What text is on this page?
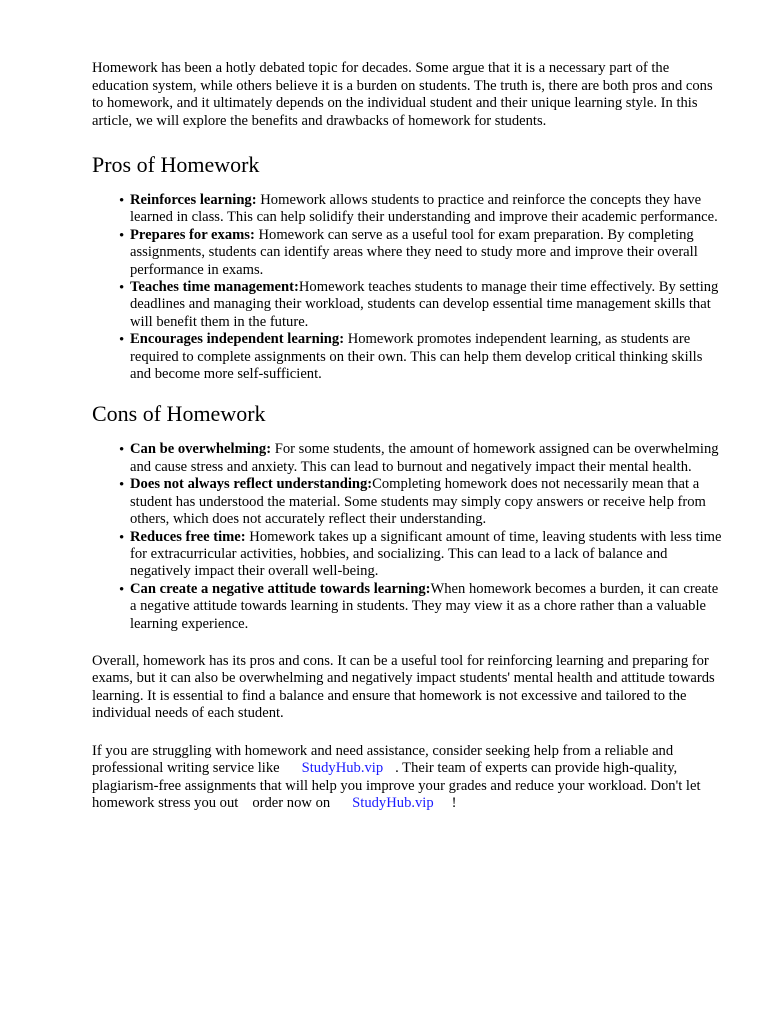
Homework has been a hotly debated topic for decades. Some argue that it is a necessary part of the education system, while others believe it is a burden on students. The truth is, there are both pros and cons to homework, and it ultimately depends on the individual student and their unique learning style. In this article, we will explore the benefits and drawbacks of homework for students.

Pros of Homework
• Reinforces learning: Homework allows students to practice and reinforce the concepts they have learned in class. This can help solidify their understanding and improve their academic performance.
• Prepares for exams: Homework can serve as a useful tool for exam preparation. By completing assignments, students can identify areas where they need to study more and improve their overall performance in exams.
• Teaches time management:Homework teaches students to manage their time effectively. By setting deadlines and managing their workload, students can develop essential time management skills that will benefit them in the future.
• Encourages independent learning: Homework promotes independent learning, as students are required to complete assignments on their own. This can help them develop critical thinking skills and become more self-sufficient.
Cons of Homework
• Can be overwhelming: For some students, the amount of homework assigned can be overwhelming and cause stress and anxiety. This can lead to burnout and negatively impact their mental health.
• Does not always reflect understanding:Completing homework does not necessarily mean that a student has understood the material. Some students may simply copy answers or receive help from others, which does not accurately reflect their understanding.
• Reduces free time: Homework takes up a significant amount of time, leaving students with less time for extracurricular activities, hobbies, and socializing. This can lead to a lack of balance and negatively impact their overall well-being.
• Can create a negative attitude towards learning:When homework becomes a burden, it can create a negative attitude towards learning in students. They may view it as a chore rather than a valuable learning experience.

Overall, homework has its pros and cons. It can be a useful tool for reinforcing learning and preparing for exams, but it can also be overwhelming and negatively impact students' mental health and attitude towards learning. It is essential to find a balance and ensure that homework is not excessive and tailored to the individual needs of each student.

If you are struggling with homework and need assistance, consider seeking help from a reliable and professional writing service like StudyHub.vip . Their team of experts can provide high-quality, plagiarism-free assignments that will help you improve your grades and reduce your workload. Don't let homework stress you out order now on StudyHub.vip !
